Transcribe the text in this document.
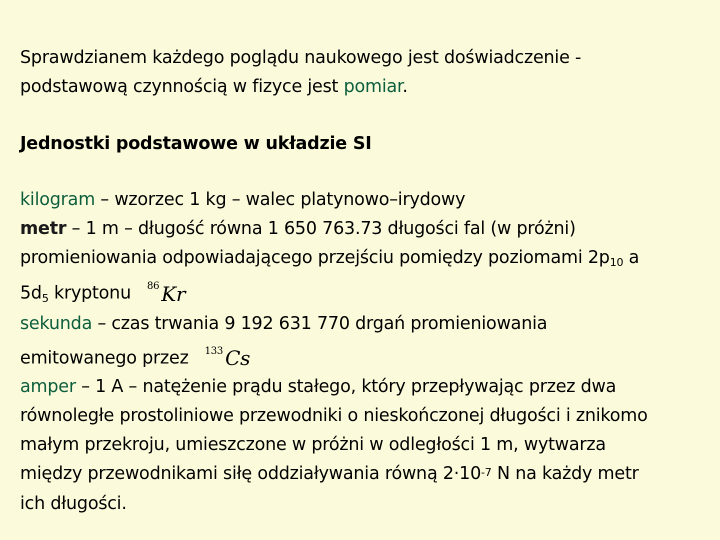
Sprawdzianem każdego poglądu naukowego jest doświadczenie -
podstawową czynnością w fizyce jest pomiar.
Jednostki podstawowe w układzie SI
kilogram – wzorzec 1 kg – walec platynowo–irydowy
metr – 1 m – długość równa 1 650 763.73 długości fal (w próżni)
promieniowania odpowiadającego przejściu pomiędzy poziomami $2p_{10}$ a
$5d_5$ kryptonu $^{86}$ Kr
sekunda – czas trwania 9 192 631 770 drgań promieniowania
emitowanego przez $^{133}$ Cs
amper – 1 A – natężenie prądu stałego, który przepływając przez dwa
równoległe prostoliniowe przewodniki o nieskończonej długości i znikomo
małym przekroju, umieszczone w próżni w odległości 1 m, wytwarza
między przewodnikami siłę oddziaływania równą $2\cdot 10^{-7}$ N na każdy metr
ich długości.
